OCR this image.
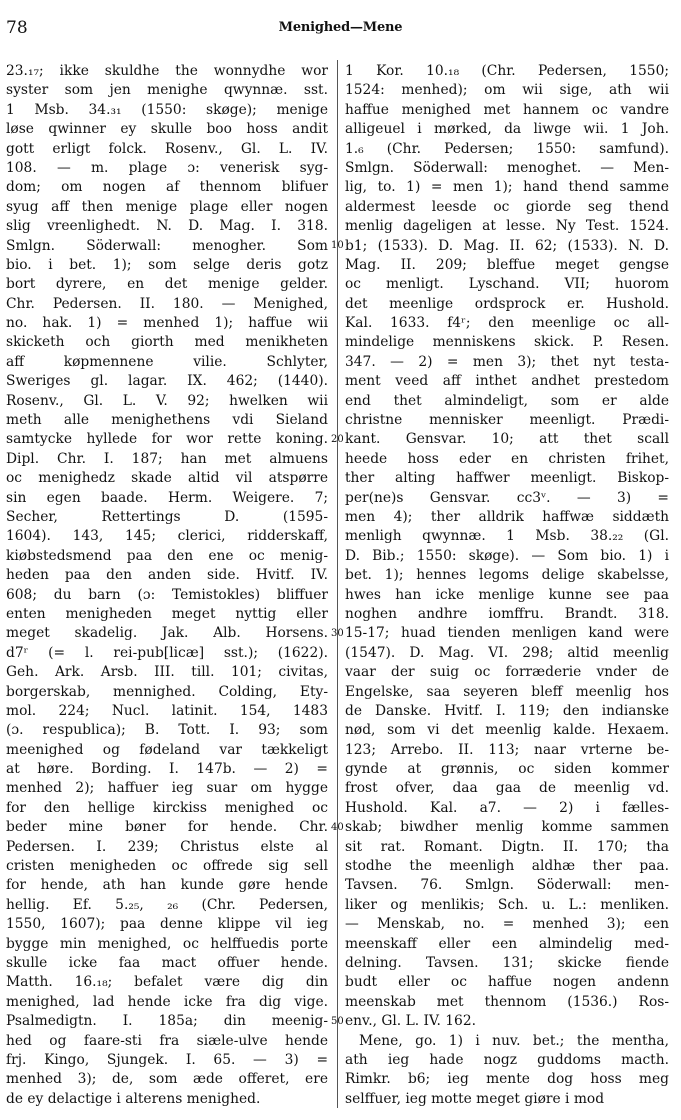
78	Menighed—Mene
23.₁₇; ikke skuldhe the wonnydhe wor
syster som jen menighe qwynnæ. sst.
1 Msb. 34.₃₁ (1550: skøge); menige
løse qwinner ey skulle boo hoss andit
gott erligt folck. Rosenv., Gl. L. IV.
108. — m. plage ɔ: venerisk syg-
dom; om nogen af thennom blifuer
syug aff then menige plage eller nogen
slig vreenlighedt. N. D. Mag. I. 318.
Smlgn. Söderwall: menogher. Som
bio. i bet. 1); som selge deris gotz
bort dyrere, en det menige gelder.
Chr. Pedersen. II. 180. — Menighed,
no. hak. 1) = menhed 1); haffue wii
skicketh och giorth med menikheten
aff køpmennene vilie. Schlyter,
Sweriges gl. lagar. IX. 462; (1440).
Rosenv., Gl. L. V. 92; hwelken wii
meth alle menighethens vdi Sieland
samtycke hyllede for wor rette koning.
Dipl. Chr. I. 187; han met almuens
oc menighedz skade altid vil atspørre
sin egen baade. Herm. Weigere. 7;
Secher, Rettertings D. (1595-
1604). 143, 145; clerici, ridderskaff,
kiøbstedsmend paa den ene oc menig-
heden paa den anden side. Hvitf. IV.
608; du barn (ɔ: Temistokles) bliffuer
enten menigheden meget nyttig eller
meget skadelig. Jak. Alb. Horsens.
d7ʳ (= l. rei-pub[licæ] sst.); (1622).
Geh. Ark. Arsb. III. till. 101; civitas,
borgerskab, mennighed. Colding, Ety-
mol. 224; Nucl. latinit. 154, 1483
(ɔ. respublica); B. Tott. I. 93; som
meenighed og fødeland var tækkeligt
at høre. Bording. I. 147b. — 2) =
menhed 2); haffuer ieg suar om hygge
for den hellige kirckiss menighed oc
beder mine bøner for hende. Chr.
Pedersen. I. 239; Christus elste al
cristen menigheden oc offrede sig sell
for hende, ath han kunde gøre hende
hellig. Ef. 5.₂₅, ₂₆ (Chr. Pedersen,
1550, 1607); paa denne klippe vil ieg
bygge min menighed, oc helffuedis porte
skulle icke faa mact offuer hende.
Matth. 16.₁₈; befalet være dig din
menighed, lad hende icke fra dig vige.
Psalmedigtn. I. 185a; din meenig-
hed og faare-sti fra siæle-ulve hende
frj. Kingo, Sjungek. I. 65. — 3) =
menhed 3); de, som æde offeret, ere
de ey delactige i alterens menighed.
1 Kor. 10.₁₈ (Chr. Pedersen, 1550;
1524: menhed); om wii sige, ath wii
haffue menighed met hannem oc vandre
alligeuel i mørked, da liwge wii. 1 Joh.
1.₆ (Chr. Pedersen; 1550: samfund).
Smlgn. Söderwall: menoghet. — Men-
lig, to. 1) = men 1); hand thend samme
aldermest leesde oc giorde seg thend
menlig dageligen at lesse. Ny Test. 1524.
b1; (1533). D. Mag. II. 62; (1533). N. D.
Mag. II. 209; bleffue meget gengse
oc menligt. Lyschand. VII; huorom
det meenlige ordsprock er. Hushold.
Kal. 1633. f4ʳ; den meenlige oc all-
mindelige menniskens skick. P. Resen.
347. — 2) = men 3); thet nyt testa-
ment veed aff inthet andhet prestedom
end thet almindeligt, som er alde
christne mennisker meenligt. Prædi-
kant. Gensvar. 10; att thet scall
heede hoss eder en christen frihet,
ther alting haffwer meenligt. Biskop-
per(ne)s Gensvar. cc3ᵛ. — 3) =
men 4); ther alldrik haffwæ siddæth
menligh qwynnæ. 1 Msb. 38.₂₂ (Gl.
D. Bib.; 1550: skøge). — Som bio. 1) i
bet. 1); hennes legoms delige skabelsse,
hwes han icke menlige kunne see paa
noghen andhre iomffru. Brandt. 318.
15-17; huad tienden menligen kand were
(1547). D. Mag. VI. 298; altid meenlig
vaar der suig oc forræderie vnder de
Engelske, saa seyeren bleff meenlig hos
de Danske. Hvitf. I. 119; den indianske
nød, som vi det meenlig kalde. Hexaem.
123; Arrebo. II. 113; naar vrterne be-
gynde at grønnis, oc siden kommer
frost ofver, daa gaa de meenlig vd.
Hushold. Kal. a7. — 2) i fælles-
skab; biwdher menlig komme sammen
sit rat. Romant. Digtn. II. 170; tha
stodhe the meenligh aldhæ ther paa.
Tavsen. 76. Smlgn. Söderwall: men-
liker og menlikis; Sch. u. L.: menliken.
— Menskab, no. = menhed 3); een
meenskaff eller een almindelig med-
delning. Tavsen. 131; skicke fiende
budt eller oc haffue nogen andenn
meenskab met thennom (1536.) Ros-
env., Gl. L. IV. 162.
Mene, go. 1) i nuv. bet.; the mentha,
ath ieg hade nogz guddoms macth.
Rimkr. b6; ieg mente dog hoss meg
selffuer, ieg motte meget giøre i mod
10
20
30
40
50
